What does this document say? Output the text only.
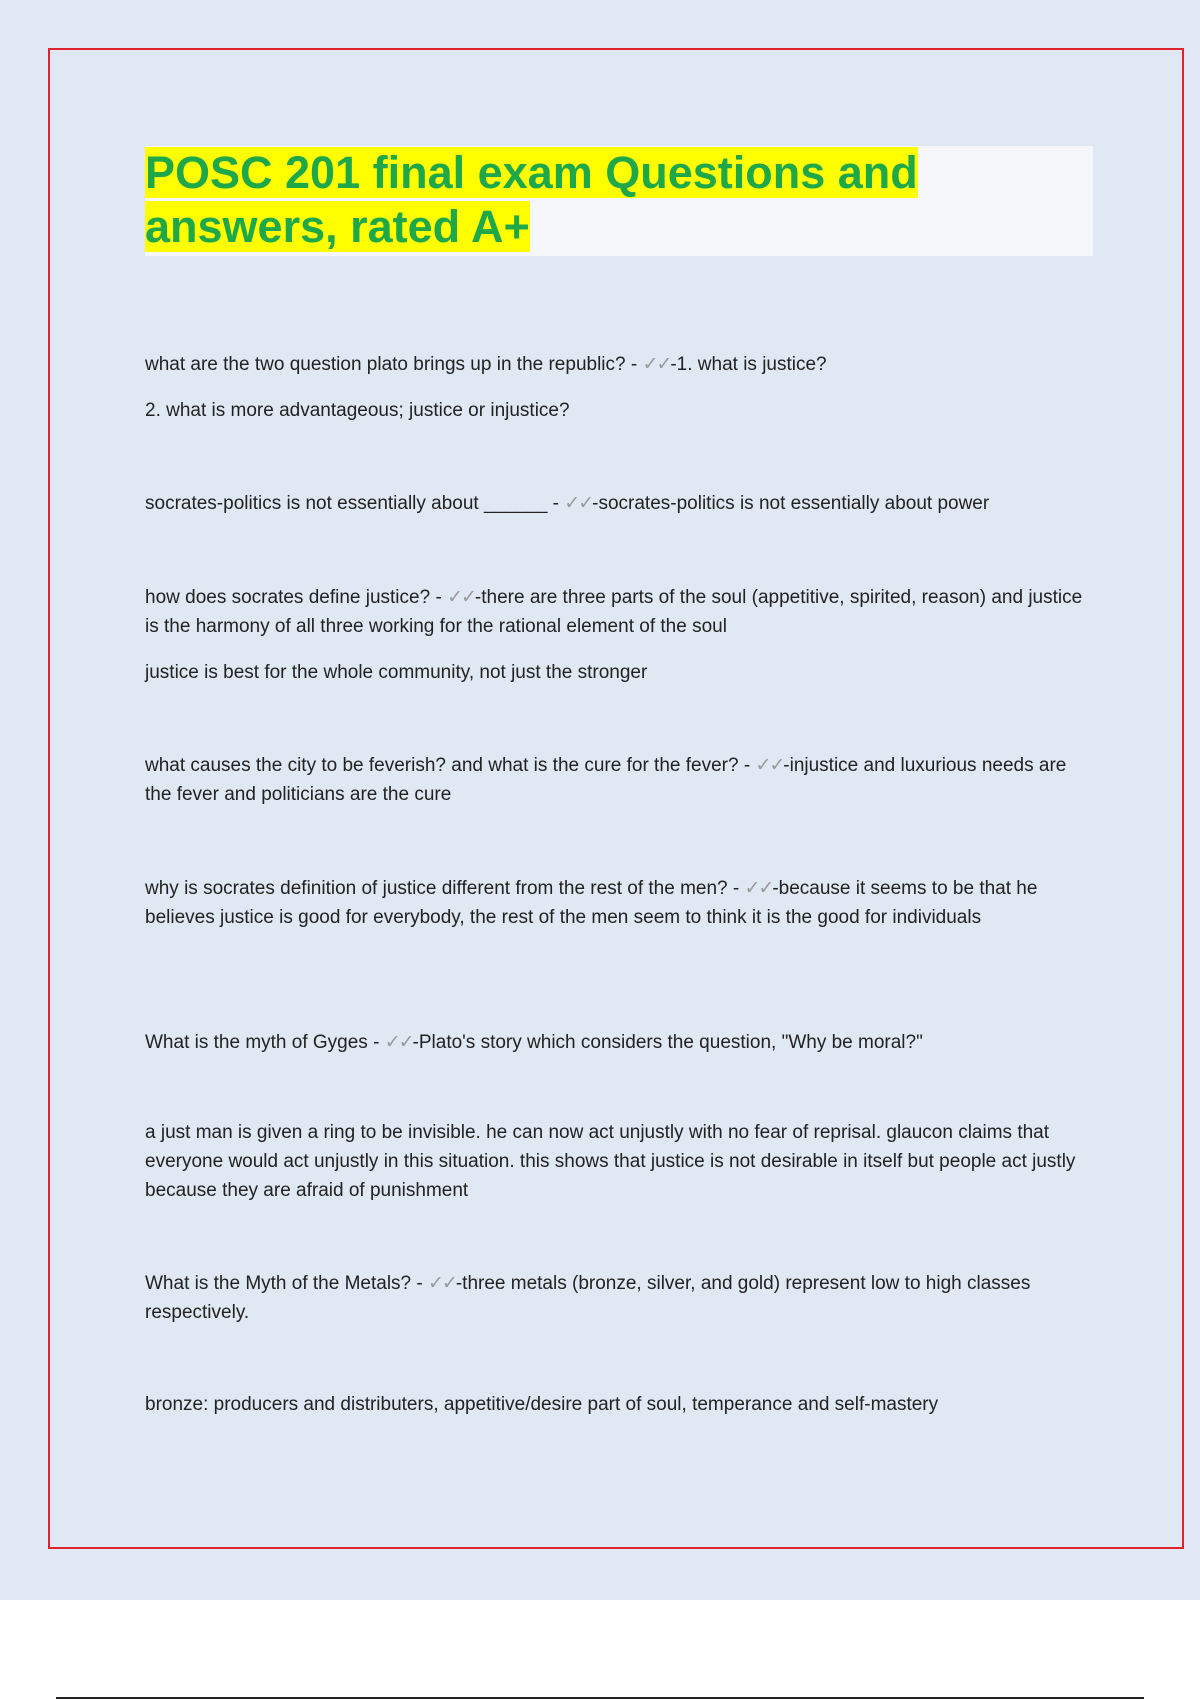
POSC 201 final exam Questions and
answers, rated A+

what are the two question plato brings up in the republic? - ✓✓-1. what is justice?

2. what is more advantageous; justice or injustice?

socrates-politics is not essentially about ______ - ✓✓-socrates-politics is not essentially about power

how does socrates define justice? - ✓✓-there are three parts of the soul (appetitive, spirited, reason) and justice is the harmony of all three working for the rational element of the soul

justice is best for the whole community, not just the stronger

what causes the city to be feverish? and what is the cure for the fever? - ✓✓-injustice and luxurious needs are the fever and politicians are the cure

why is socrates definition of justice different from the rest of the men? - ✓✓-because it seems to be that he believes justice is good for everybody, the rest of the men seem to think it is the good for individuals

What is the myth of Gyges - ✓✓-Plato's story which considers the question, "Why be moral?"

a just man is given a ring to be invisible. he can now act unjustly with no fear of reprisal. glaucon claims that everyone would act unjustly in this situation. this shows that justice is not desirable in itself but people act justly because they are afraid of punishment

What is the Myth of the Metals? - ✓✓-three metals (bronze, silver, and gold) represent low to high classes respectively.

bronze: producers and distributers, appetitive/desire part of soul, temperance and self-mastery
